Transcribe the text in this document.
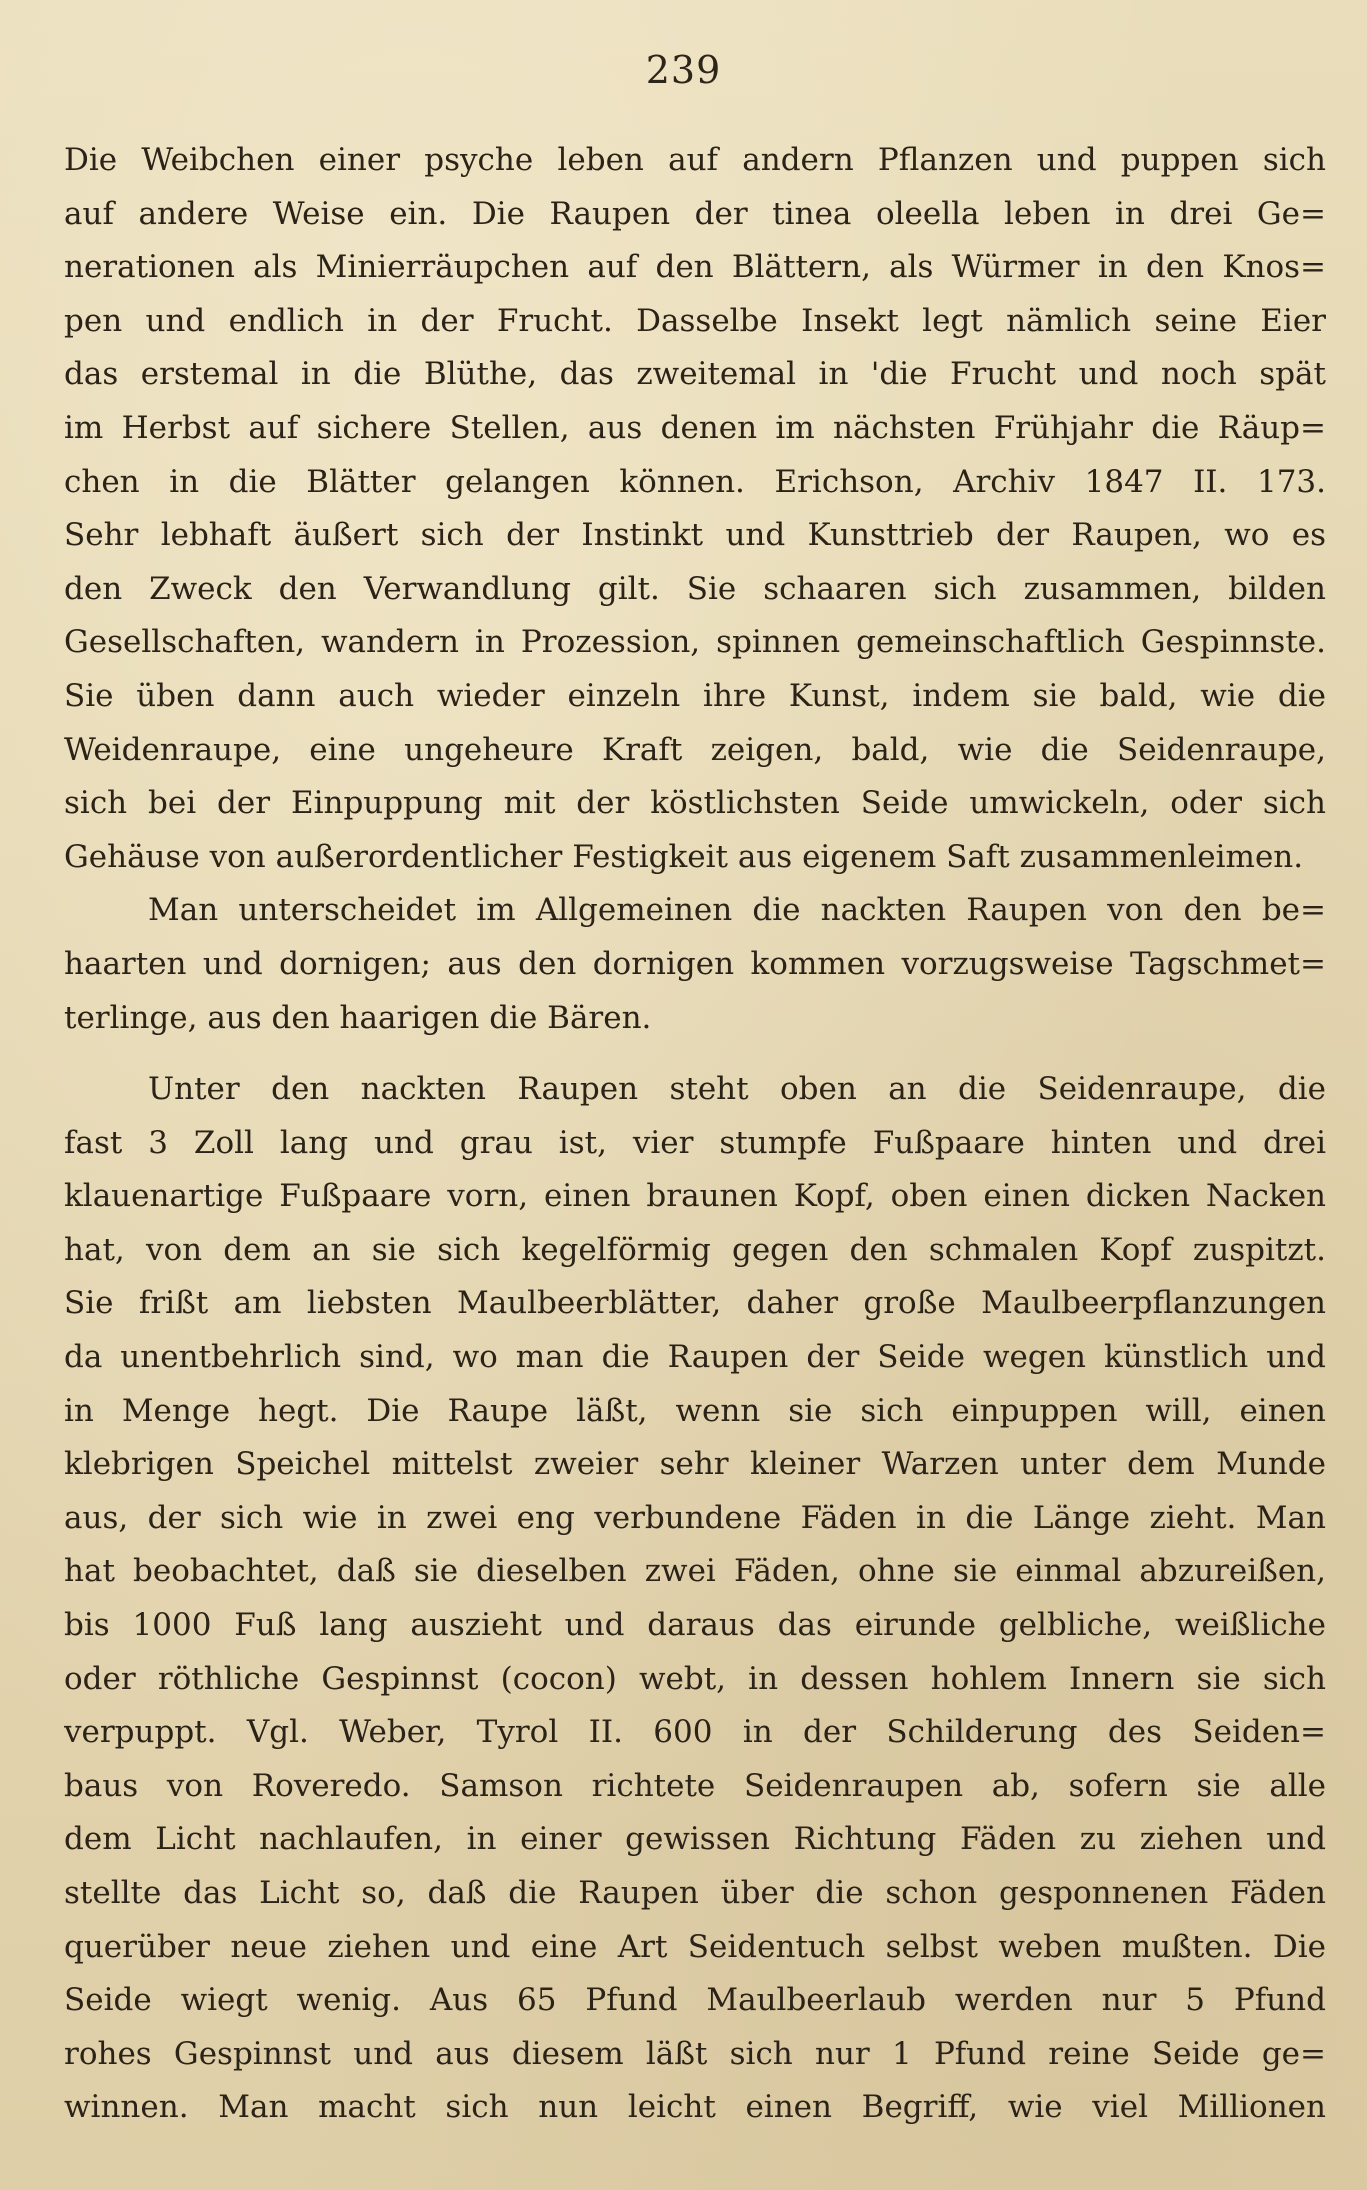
239
Die Weibchen einer psyche leben auf andern Pflanzen und puppen sich
auf andere Weise ein. Die Raupen der tinea oleella leben in drei Ge=
nerationen als Minierräupchen auf den Blättern, als Würmer in den Knos=
pen und endlich in der Frucht. Dasselbe Insekt legt nämlich seine Eier
das erstemal in die Blüthe, das zweitemal in 'die Frucht und noch spät
im Herbst auf sichere Stellen, aus denen im nächsten Frühjahr die Räup=
chen in die Blätter gelangen können. Erichson, Archiv 1847 II. 173.
Sehr lebhaft äußert sich der Instinkt und Kunsttrieb der Raupen, wo es
den Zweck den Verwandlung gilt. Sie schaaren sich zusammen, bilden
Gesellschaften, wandern in Prozession, spinnen gemeinschaftlich Gespinnste.
Sie üben dann auch wieder einzeln ihre Kunst, indem sie bald, wie die
Weidenraupe, eine ungeheure Kraft zeigen, bald, wie die Seidenraupe,
sich bei der Einpuppung mit der köstlichsten Seide umwickeln, oder sich
Gehäuse von außerordentlicher Festigkeit aus eigenem Saft zusammenleimen.
Man unterscheidet im Allgemeinen die nackten Raupen von den be=
haarten und dornigen; aus den dornigen kommen vorzugsweise Tagschmet=
terlinge, aus den haarigen die Bären.
Unter den nackten Raupen steht oben an die Seidenraupe, die
fast 3 Zoll lang und grau ist, vier stumpfe Fußpaare hinten und drei
klauenartige Fußpaare vorn, einen braunen Kopf, oben einen dicken Nacken
hat, von dem an sie sich kegelförmig gegen den schmalen Kopf zuspitzt.
Sie frißt am liebsten Maulbeerblätter, daher große Maulbeerpflanzungen
da unentbehrlich sind, wo man die Raupen der Seide wegen künstlich und
in Menge hegt. Die Raupe läßt, wenn sie sich einpuppen will, einen
klebrigen Speichel mittelst zweier sehr kleiner Warzen unter dem Munde
aus, der sich wie in zwei eng verbundene Fäden in die Länge zieht. Man
hat beobachtet, daß sie dieselben zwei Fäden, ohne sie einmal abzureißen,
bis 1000 Fuß lang auszieht und daraus das eirunde gelbliche, weißliche
oder röthliche Gespinnst (cocon) webt, in dessen hohlem Innern sie sich
verpuppt. Vgl. Weber, Tyrol II. 600 in der Schilderung des Seiden=
baus von Roveredo. Samson richtete Seidenraupen ab, sofern sie alle
dem Licht nachlaufen, in einer gewissen Richtung Fäden zu ziehen und
stellte das Licht so, daß die Raupen über die schon gesponnenen Fäden
querüber neue ziehen und eine Art Seidentuch selbst weben mußten. Die
Seide wiegt wenig. Aus 65 Pfund Maulbeerlaub werden nur 5 Pfund
rohes Gespinnst und aus diesem läßt sich nur 1 Pfund reine Seide ge=
winnen. Man macht sich nun leicht einen Begriff, wie viel Millionen
